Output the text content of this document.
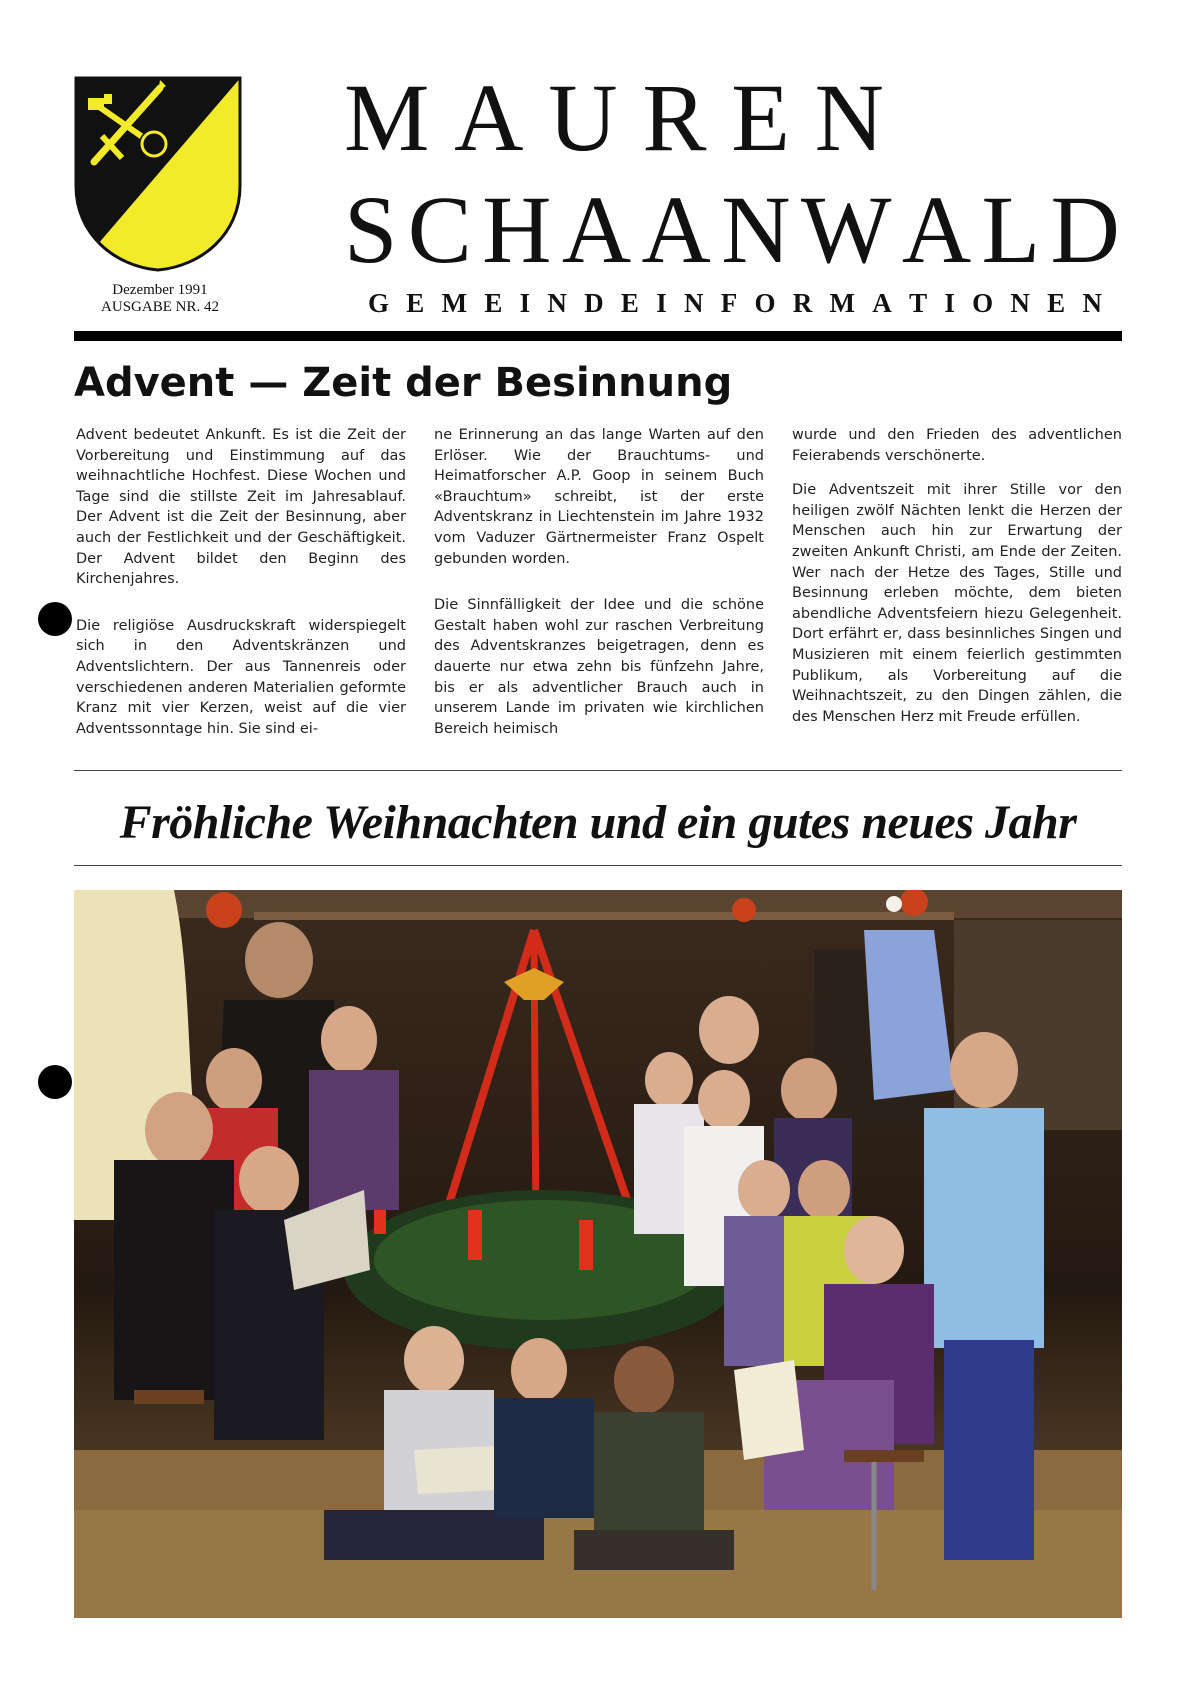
Dezember 1991
AUSGABE NR. 42
M A U R E N
S C H A A N W A L D
G E M E I N D E I N F O R M A T I O N E N
Advent — Zeit der Besinnung

Advent bedeutet Ankunft. Es ist die Zeit der Vorbereitung und Einstimmung auf das weihnachtliche Hochfest. Diese Wochen und Tage sind die stillste Zeit im Jahresablauf. Der Advent ist die Zeit der Besinnung, aber auch der Festlichkeit und der Geschäftigkeit. Der Advent bildet den Beginn des Kirchenjahres.

Die religiöse Ausdruckskraft widerspiegelt sich in den Adventskränzen und Adventslichtern. Der aus Tannenreis oder verschiedenen anderen Materialien geformte Kranz mit vier Kerzen, weist auf die vier Adventssonntage hin. Sie sind ei-

ne Erinnerung an das lange Warten auf den Erlöser. Wie der Brauchtums- und Heimatforscher A.P. Goop in seinem Buch «Brauchtum» schreibt, ist der erste Adventskranz in Liechtenstein im Jahre 1932 vom Vaduzer Gärtnermeister Franz Ospelt gebunden worden.

Die Sinnfälligkeit der Idee und die schöne Gestalt haben wohl zur raschen Verbreitung des Adventskranzes beigetragen, denn es dauerte nur etwa zehn bis fünfzehn Jahre, bis er als adventlicher Brauch auch in unserem Lande im privaten wie kirchlichen Bereich heimisch

wurde und den Frieden des adventlichen Feierabends verschönerte.

Die Adventszeit mit ihrer Stille vor den heiligen zwölf Nächten lenkt die Herzen der Menschen auch hin zur Erwartung der zweiten Ankunft Christi, am Ende der Zeiten. Wer nach der Hetze des Tages, Stille und Besinnung erleben möchte, dem bieten abendliche Adventsfeiern hiezu Gelegenheit. Dort erfährt er, dass besinnliches Singen und Musizieren mit einem feierlich gestimmten Publikum, als Vorbereitung auf die Weihnachtszeit, zu den Dingen zählen, die des Menschen Herz mit Freude erfüllen.

Fröhliche Weihnachten und ein gutes neues Jahr
